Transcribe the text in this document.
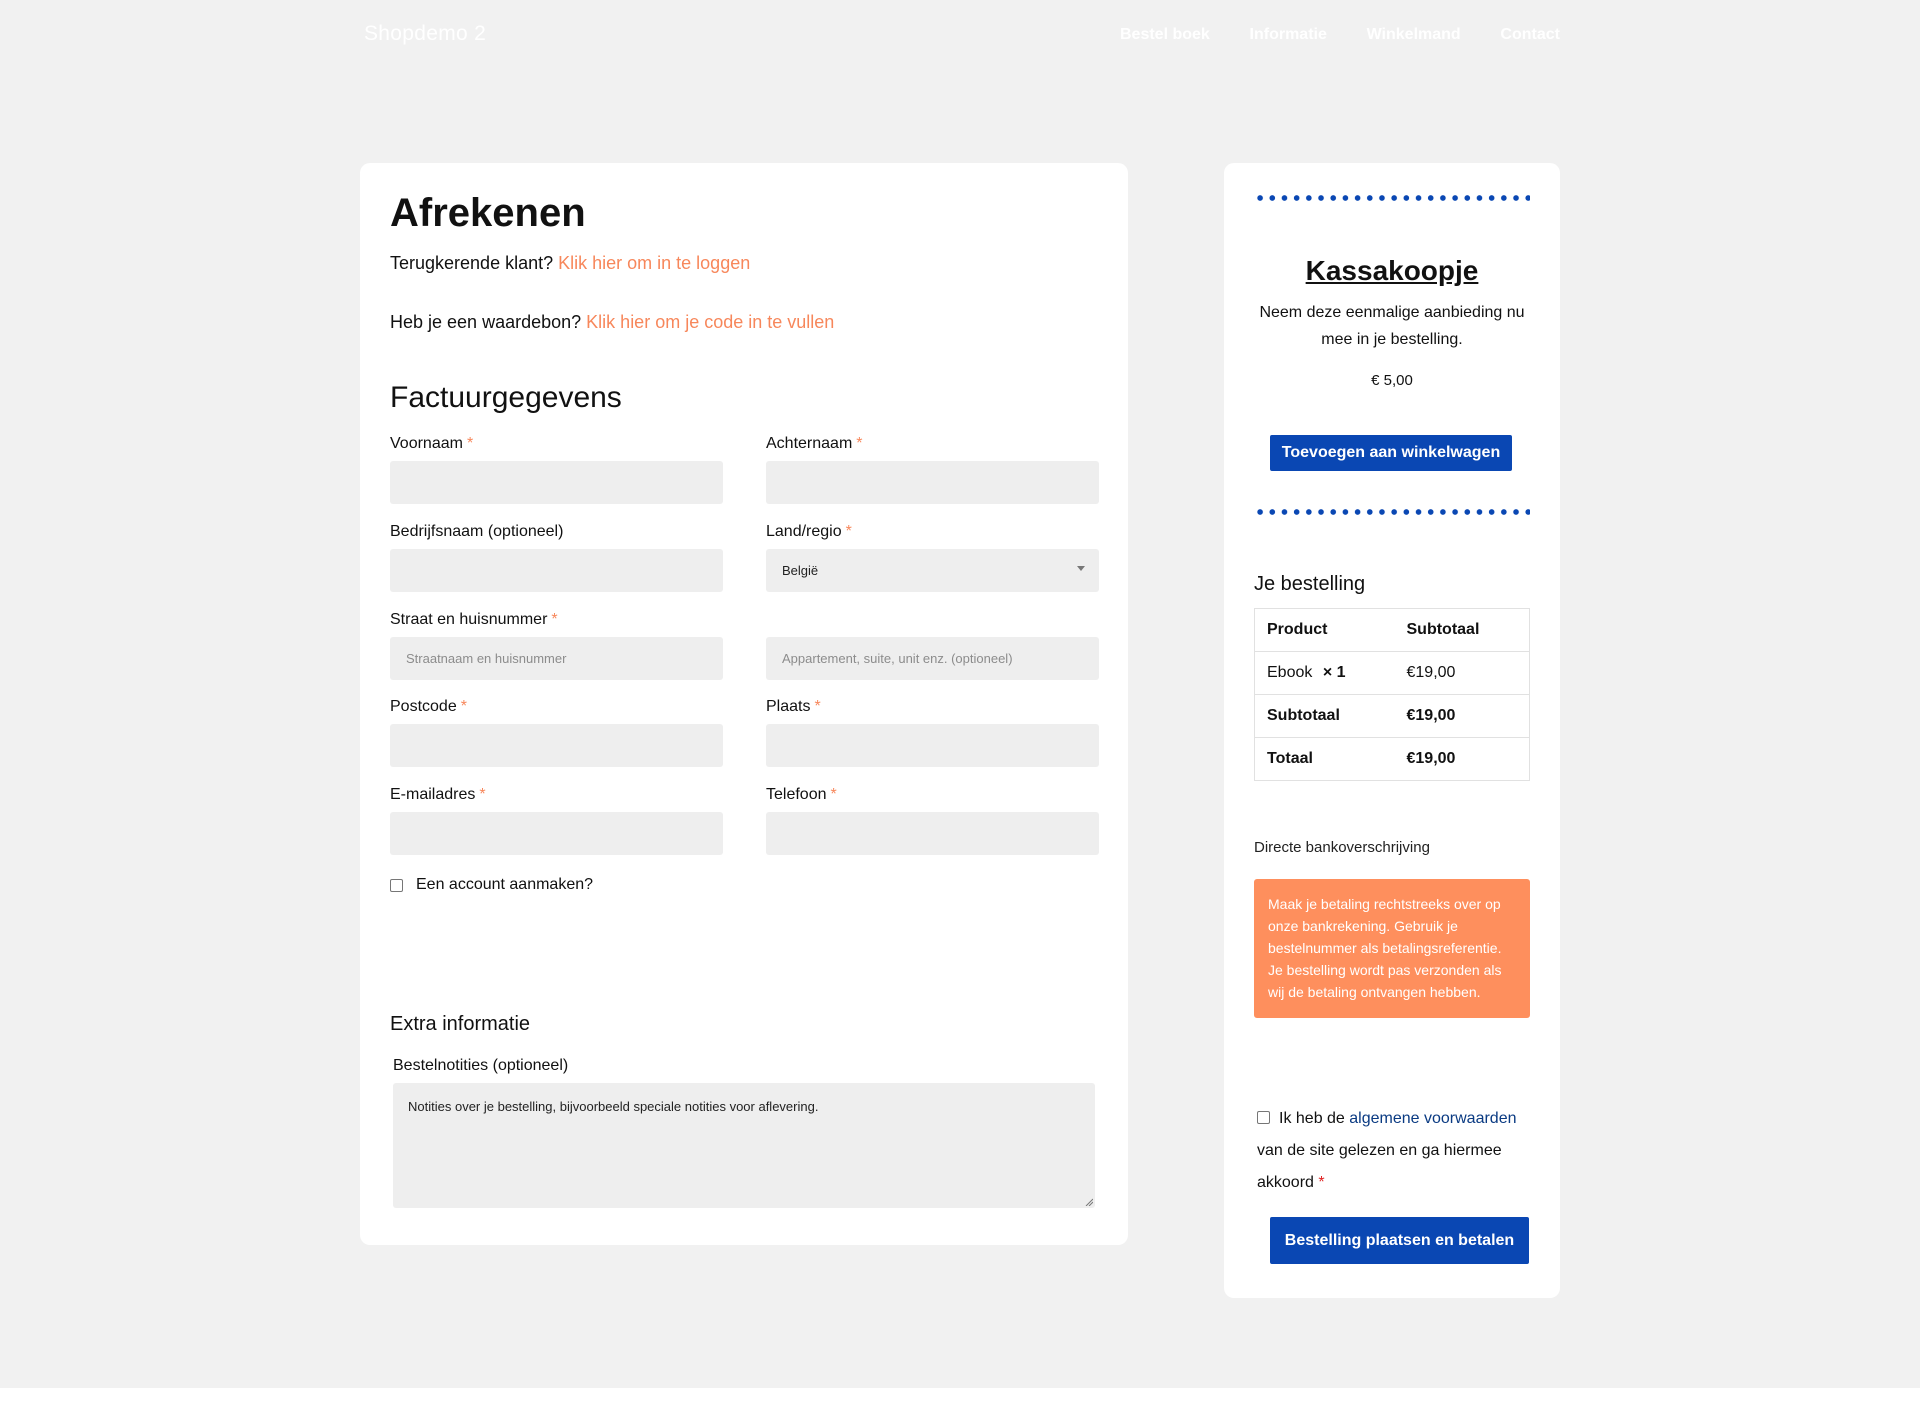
Shopdemo 2	Bestel boek Informatie Winkelmand Contact
Afrekenen
Terugkerende klant? Klik hier om in te loggen
Heb je een waardebon? Klik hier om je code in te vullen
Factuurgegevens
Voornaam *	Achternaam *
Bedrijfsnaam (optioneel)	Land/regio *
België
Straat en huisnummer *
Straatnaam en huisnummer	Appartement, suite, unit enz. (optioneel)
Postcode *	Plaats *
E-mailadres *	Telefoon *
Een account aanmaken?
Extra informatie
Bestelnotities (optioneel)
Notities over je bestelling, bijvoorbeeld speciale notities voor aflevering.
Kassakoopje
Neem deze eenmalige aanbieding nu mee in je bestelling.
€ 5,00
Toevoegen aan winkelwagen
Je bestelling
Product	Subtotaal
Ebook × 1	€19,00
Subtotaal	€19,00
Totaal	€19,00
Directe bankoverschrijving
Maak je betaling rechtstreeks over op onze bankrekening. Gebruik je bestelnummer als betalingsreferentie. Je bestelling wordt pas verzonden als wij de betaling ontvangen hebben.
Ik heb de algemene voorwaarden van de site gelezen en ga hiermee akkoord *
Bestelling plaatsen en betalen
